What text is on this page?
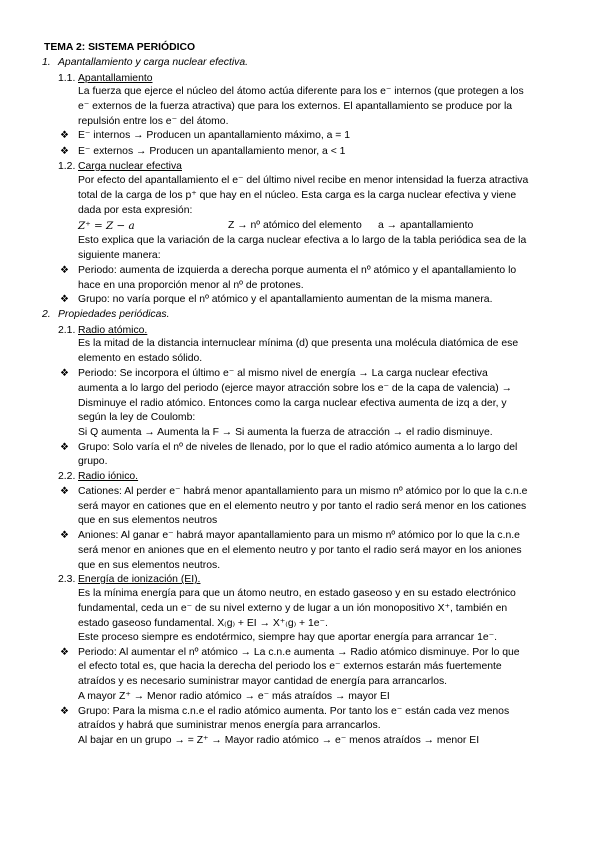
TEMA 2: SISTEMA PERIÓDICO
1. Apantallamiento y carga nuclear efectiva.
1.1. Apantallamiento
La fuerza que ejerce el núcleo del átomo actúa diferente para los e⁻ internos (que protegen a los
e⁻ externos de la fuerza atractiva) que para los externos. El apantallamiento se produce por la
repulsión entre los e⁻ del átomo.
❖ E⁻ internos → Producen un apantallamiento máximo, a = 1
❖ E⁻ externos → Producen un apantallamiento menor, a < 1
1.2. Carga nuclear efectiva
Por efecto del apantallamiento el e⁻ del último nivel recibe en menor intensidad la fuerza atractiva
total de la carga de los p⁺ que hay en el núcleo. Esta carga es la carga nuclear efectiva y viene
dada por esta expresión:
Z⁺ = Z − a	Z → nº atómico del elemento a → apantallamiento
Esto explica que la variación de la carga nuclear efectiva a lo largo de la tabla periódica sea de la
siguiente manera:
❖ Periodo: aumenta de izquierda a derecha porque aumenta el nº atómico y el apantallamiento lo
hace en una proporción menor al nº de protones.
❖ Grupo: no varía porque el nº atómico y el apantallamiento aumentan de la misma manera.
2. Propiedades periódicas.
2.1. Radio atómico.
Es la mitad de la distancia internuclear mínima (d) que presenta una molécula diatómica de ese
elemento en estado sólido.
❖ Periodo: Se incorpora el último e⁻ al mismo nivel de energía → La carga nuclear efectiva
aumenta a lo largo del periodo (ejerce mayor atracción sobre los e⁻ de la capa de valencia) →
Disminuye el radio atómico. Entonces como la carga nuclear efectiva aumenta de izq a der, y
según la ley de Coulomb:
Si Q aumenta → Aumenta la F → Si aumenta la fuerza de atracción → el radio disminuye.
❖ Grupo: Solo varía el nº de niveles de llenado, por lo que el radio atómico aumenta a lo largo del
grupo.
2.2. Radio iónico.
❖ Cationes: Al perder e⁻ habrá menor apantallamiento para un mismo nº atómico por lo que la c.n.e
será mayor en cationes que en el elemento neutro y por tanto el radio será menor en los cationes
que en sus elementos neutros
❖ Aniones: Al ganar e⁻ habrá mayor apantallamiento para un mismo nº atómico por lo que la c.n.e
será menor en aniones que en el elemento neutro y por tanto el radio será mayor en los aniones
que en sus elementos neutros.
2.3. Energía de ionización (EI).
Es la mínima energía para que un átomo neutro, en estado gaseoso y en su estado electrónico
fundamental, ceda un e⁻ de su nivel externo y de lugar a un ión monopositivo X⁺, también en
estado gaseoso fundamental. X₍g₎ + EI → X⁺₍g₎ + 1e⁻.
Este proceso siempre es endotérmico, siempre hay que aportar energía para arrancar 1e⁻.
❖ Periodo: Al aumentar el nº atómico → La c.n.e aumenta → Radio atómico disminuye. Por lo que
el efecto total es, que hacia la derecha del periodo los e⁻ externos estarán más fuertemente
atraídos y es necesario suministrar mayor cantidad de energía para arrancarlos.
A mayor Z⁺ → Menor radio atómico → e⁻ más atraídos → mayor EI
❖ Grupo: Para la misma c.n.e el radio atómico aumenta. Por tanto los e⁻ están cada vez menos
atraídos y habrá que suministrar menos energía para arrancarlos.
Al bajar en un grupo → = Z⁺ → Mayor radio atómico → e⁻ menos atraídos → menor EI
